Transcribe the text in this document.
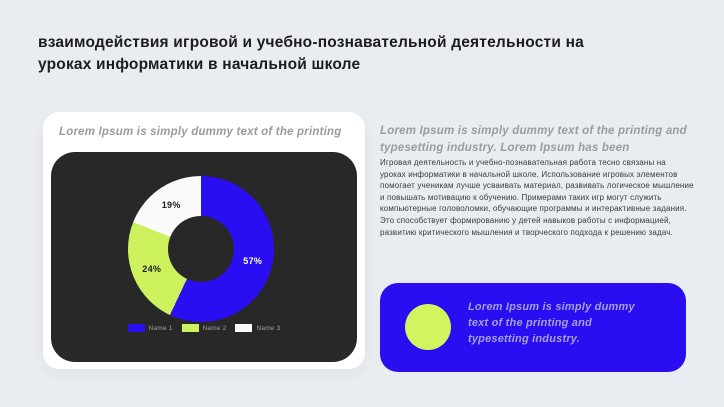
взаимодействия игровой и учебно-познавательной деятельности на уроках информатики в начальной школе
Lorem Ipsum is simply dummy text of the printing
57%
24%
19%
Name 1	Name 2	Name 3
Lorem Ipsum is simply dummy text of the printing and typesetting industry. Lorem Ipsum has been
Игровая деятельность и учебно-познавательная работа тесно связаны на уроках информатики в начальной школе. Использование игровых элементов помогает ученикам лучше усваивать материал, развивать логическое мышление и повышать мотивацию к обучению. Примерами таких игр могут служить компьютерные головоломки, обучающие программы и интерактивные задания. Это способствует формированию у детей навыков работы с информацией, развитию критического мышления и творческого подхода к решению задач.
Lorem Ipsum is simply dummy text of the printing and typesetting industry.
